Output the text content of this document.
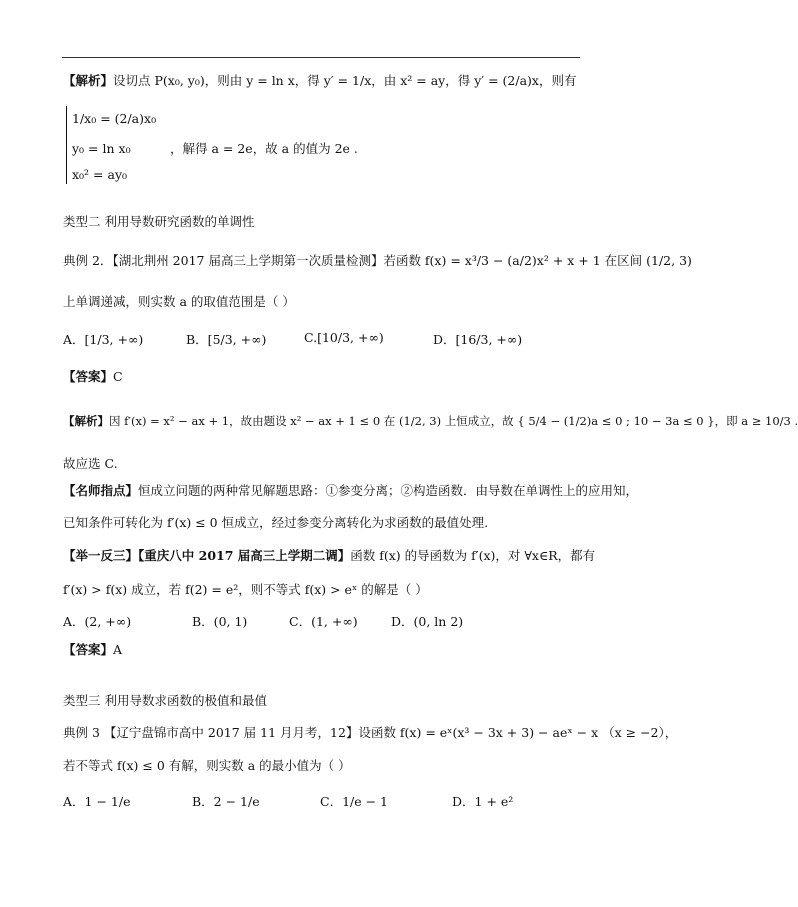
【解析】设切点 P(x₀, y₀)，则由 y = ln x，得 y′ = 1/x，由 x² = ay，得 y′ = (2/a)x，则有
1/x₀ = (2/a)x₀
y₀ = ln x₀
x₀² = ay₀
，解得 a = 2e，故 a 的值为 2e .
类型二 利用导数研究函数的单调性
典例 2．【湖北荆州 2017 届高三上学期第一次质量检测】若函数 f(x) = x³/3 − (a/2)x² + x + 1 在区间 (1/2, 3)
上单调递减，则实数 a 的取值范围是（ ）
A．[1/3, +∞)	B．[5/3, +∞)	C.[10/3, +∞)	D．[16/3, +∞)
【答案】C
【解析】因 f′(x) = x² − ax + 1，故由题设 x² − ax + 1 ≤ 0 在 (1/2, 3) 上恒成立，故 { 5/4 − (1/2)a ≤ 0 ; 10 − 3a ≤ 0 }，即 a ≥ 10/3 .
故应选 C.
【名师指点】恒成立问题的两种常见解题思路：①参变分离；②构造函数．由导数在单调性上的应用知，
已知条件可转化为 f′(x) ≤ 0 恒成立，经过参变分离转化为求函数的最值处理.
【举一反三】【重庆八中 2017 届高三上学期二调】函数 f(x) 的导函数为 f′(x)，对 ∀x∈R，都有
f′(x) > f(x) 成立，若 f(2) = e²，则不等式 f(x) > eˣ 的解是（ ）
A．(2, +∞)	B．(0, 1)	C．(1, +∞)	D．(0, ln 2)
【答案】A
类型三 利用导数求函数的极值和最值
典例 3 【辽宁盘锦市高中 2017 届 11 月月考，12】设函数 f(x) = eˣ(x³ − 3x + 3) − aeˣ − x （x ≥ −2），
若不等式 f(x) ≤ 0 有解，则实数 a 的最小值为（ ）
A．1 − 1/e	B．2 − 1/e	C．1/e − 1	D．1 + e²
